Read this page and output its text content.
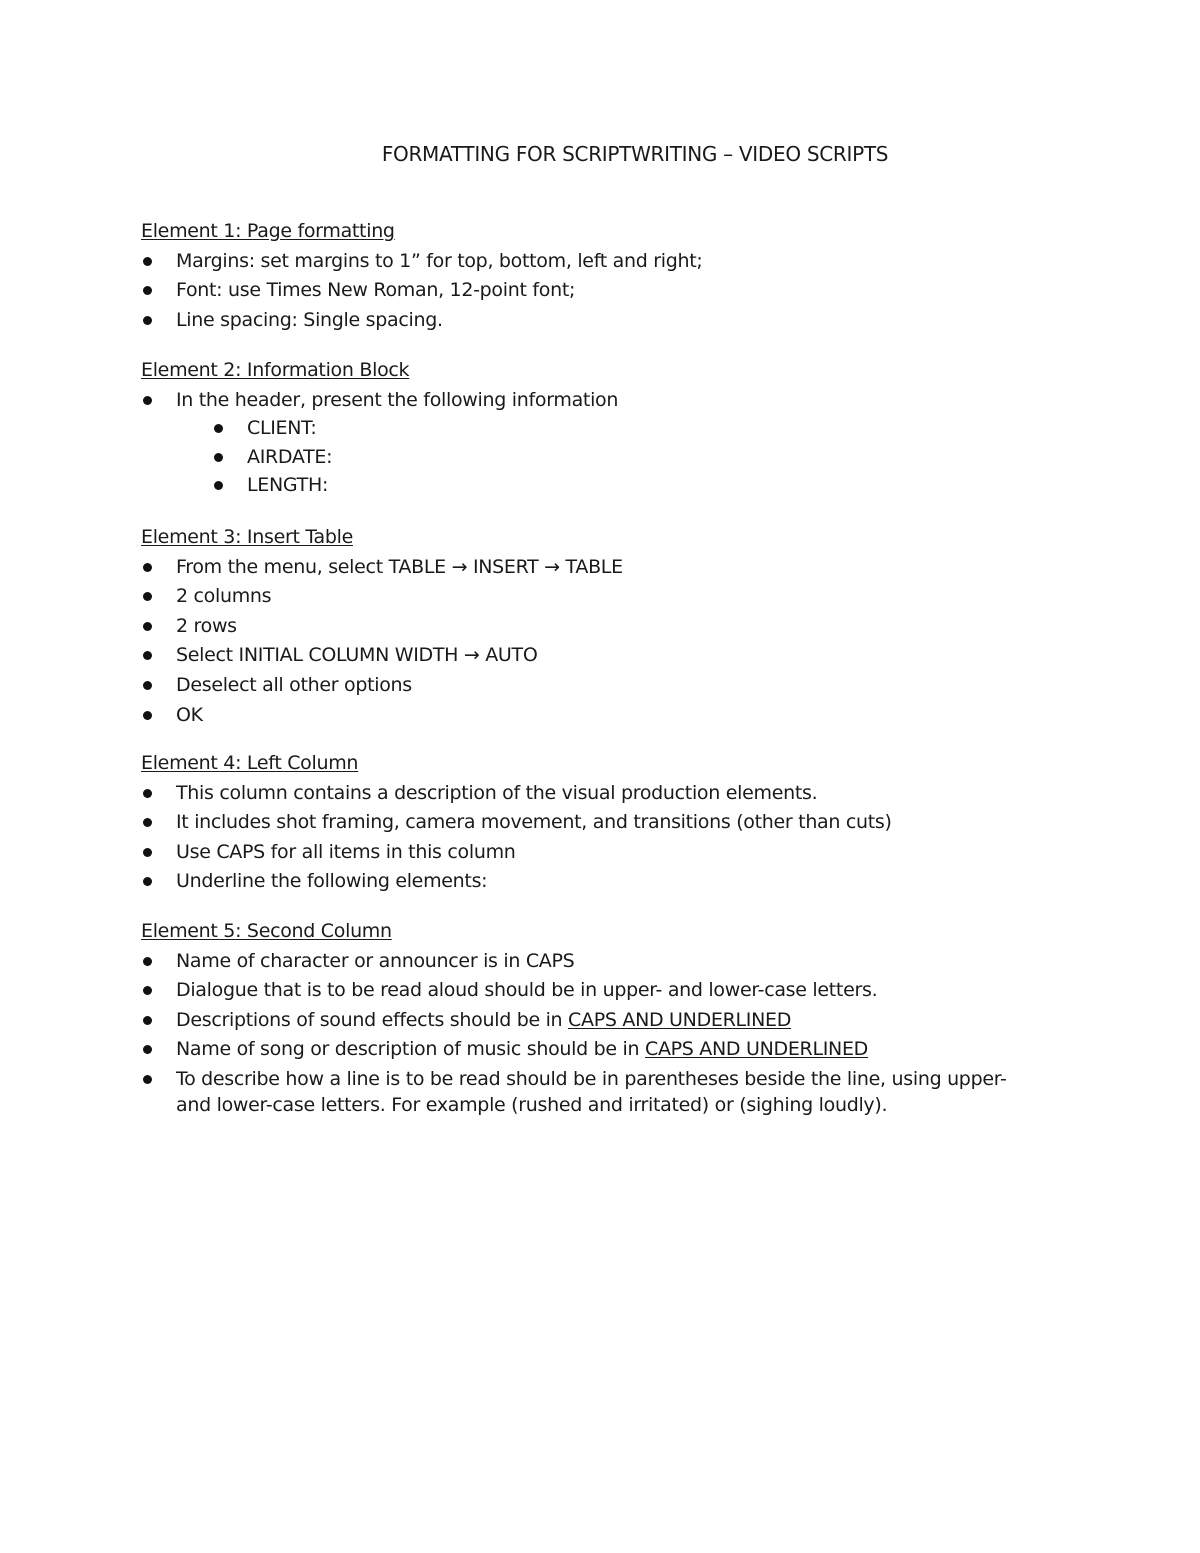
FORMATTING FOR SCRIPTWRITING – VIDEO SCRIPTS
Element 1: Page formatting
Margins: set margins to 1” for top, bottom, left and right;
Font: use Times New Roman, 12-point font;
Line spacing: Single spacing.
Element 2: Information Block
In the header, present the following information
CLIENT:
AIRDATE:
LENGTH:
Element 3: Insert Table
From the menu, select TABLE → INSERT → TABLE
2 columns
2 rows
Select INITIAL COLUMN WIDTH → AUTO
Deselect all other options
OK
Element 4: Left Column
This column contains a description of the visual production elements.
It includes shot framing, camera movement, and transitions (other than cuts)
Use CAPS for all items in this column
Underline the following elements:
Element 5: Second Column
Name of character or announcer is in CAPS
Dialogue that is to be read aloud should be in upper- and lower-case letters.
Descriptions of sound effects should be in CAPS AND UNDERLINED
Name of song or description of music should be in CAPS AND UNDERLINED
To describe how a line is to be read should be in parentheses beside the line, using upper-
and lower-case letters. For example (rushed and irritated) or (sighing loudly).
